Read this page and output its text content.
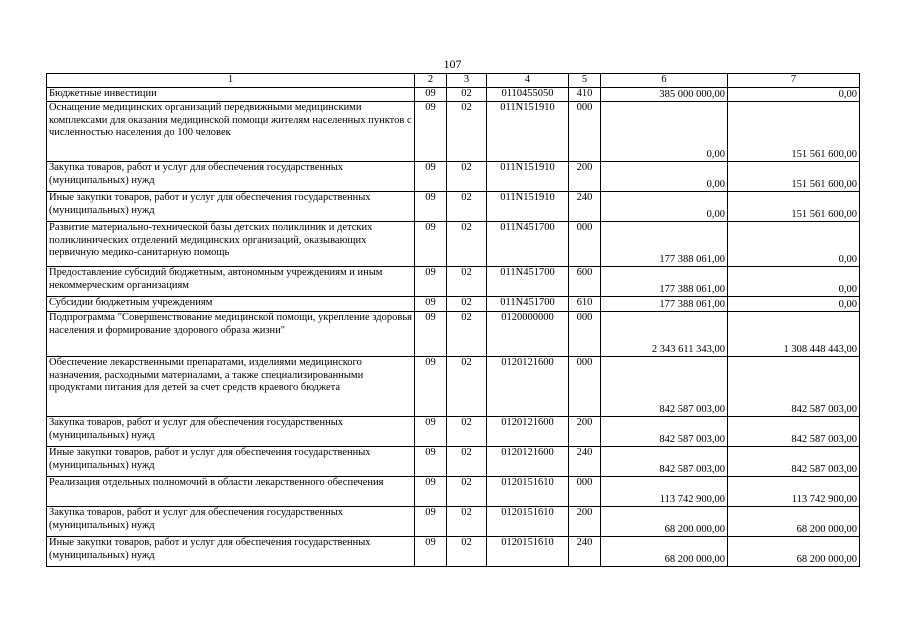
107
1	2	3	4	5	6	7
Бюджетные инвестиции	09	02	0110455050	410	385 000 000,00	0,00
Оснащение медицинских организаций передвижными медицинскими комплексами для оказания медицинской помощи жителям населенных пунктов с численностью населения до 100 человек	09	02	011N151910	000	0,00	151 561 600,00
Закупка товаров, работ и услуг для обеспечения государственных (муниципальных) нужд	09	02	011N151910	200	0,00	151 561 600,00
Иные закупки товаров, работ и услуг для обеспечения государственных (муниципальных) нужд	09	02	011N151910	240	0,00	151 561 600,00
Развитие материально-технической базы детских поликлиник и детских поликлинических отделений медицинских организаций, оказывающих первичную медико-санитарную помощь	09	02	011N451700	000	177 388 061,00	0,00
Предоставление субсидий бюджетным, автономным учреждениям и иным некоммерческим организациям	09	02	011N451700	600	177 388 061,00	0,00
Субсидии бюджетным учреждениям	09	02	011N451700	610	177 388 061,00	0,00
Подпрограмма "Совершенствование медицинской помощи, укрепление здоровья населения и формирование здорового образа жизни"	09	02	0120000000	000	2 343 611 343,00	1 308 448 443,00
Обеспечение лекарственными препаратами, изделиями медицинского назначения, расходными материалами, а также специализированными продуктами питания для детей за счет средств краевого бюджета	09	02	0120121600	000	842 587 003,00	842 587 003,00
Закупка товаров, работ и услуг для обеспечения государственных (муниципальных) нужд	09	02	0120121600	200	842 587 003,00	842 587 003,00
Иные закупки товаров, работ и услуг для обеспечения государственных (муниципальных) нужд	09	02	0120121600	240	842 587 003,00	842 587 003,00
Реализация отдельных полномочий в области лекарственного обеспечения	09	02	0120151610	000	113 742 900,00	113 742 900,00
Закупка товаров, работ и услуг для обеспечения государственных (муниципальных) нужд	09	02	0120151610	200	68 200 000,00	68 200 000,00
Иные закупки товаров, работ и услуг для обеспечения государственных (муниципальных) нужд	09	02	0120151610	240	68 200 000,00	68 200 000,00
